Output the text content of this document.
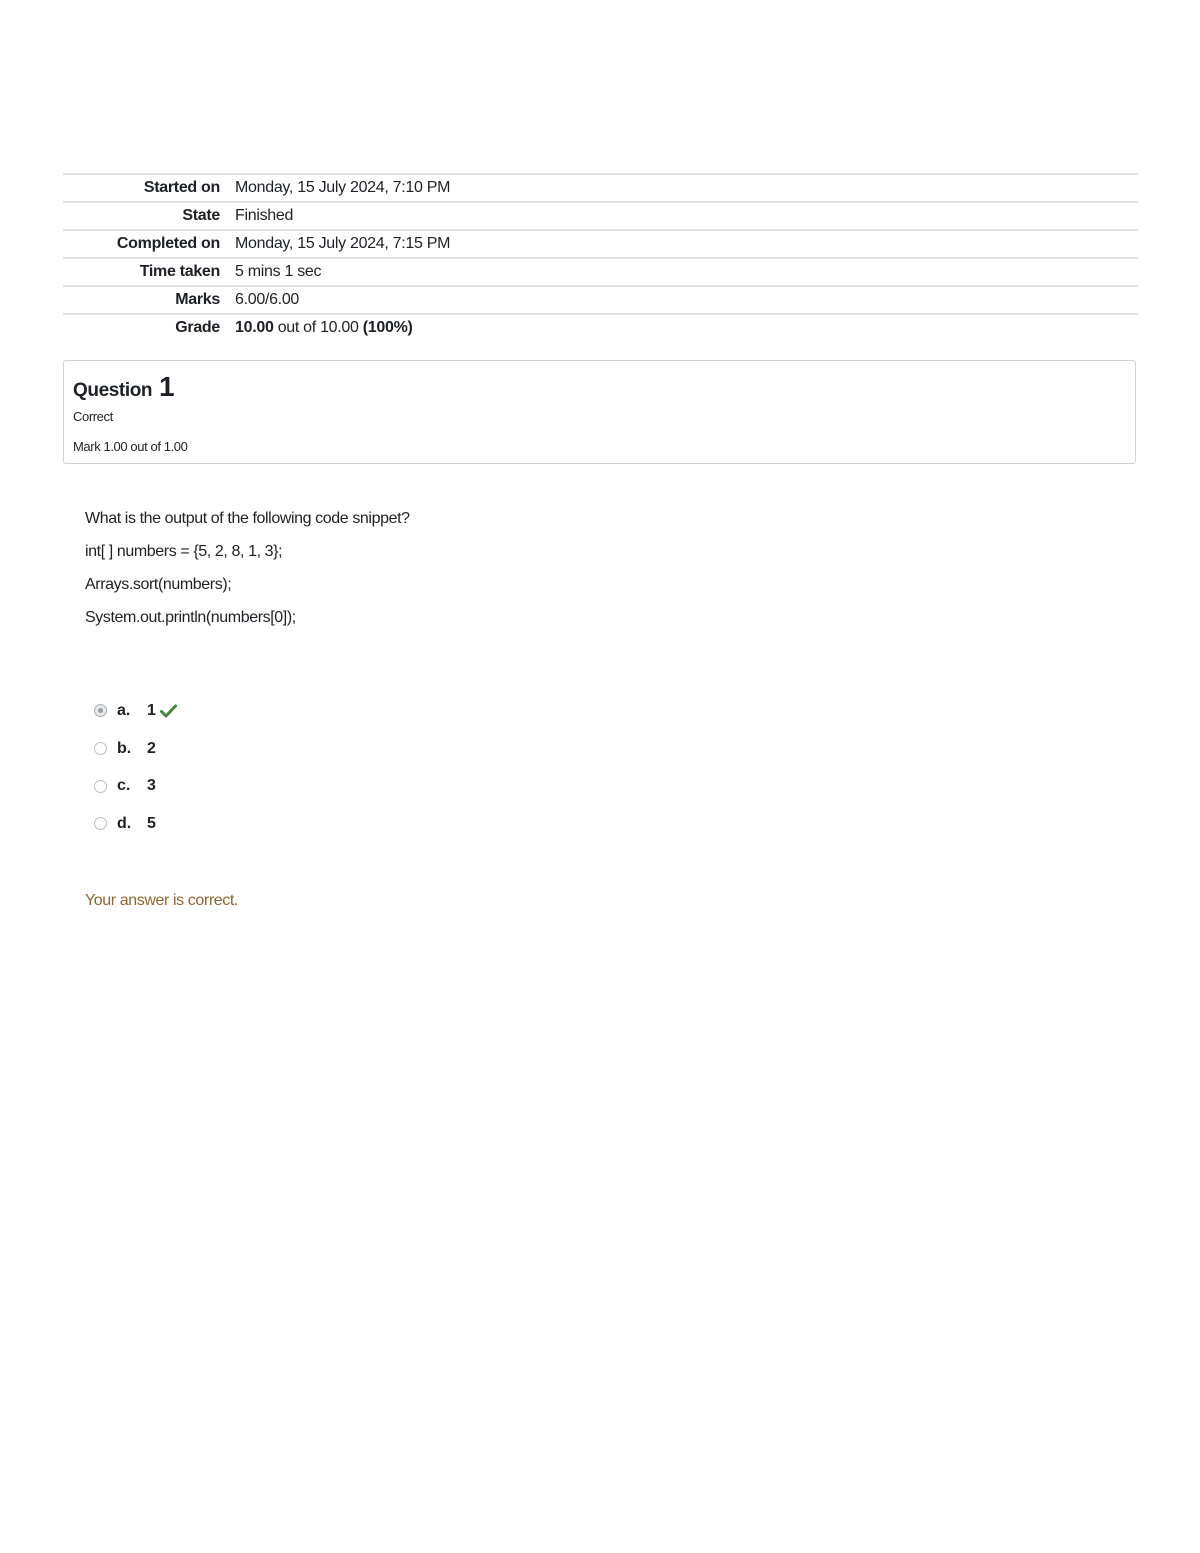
Started on	Monday, 15 July 2024, 7:10 PM
State	Finished
Completed on	Monday, 15 July 2024, 7:15 PM
Time taken	5 mins 1 sec
Marks	6.00/6.00
Grade	10.00 out of 10.00 (100%)
Question 1
Correct
Mark 1.00 out of 1.00

What is the output of the following code snippet?

int[ ] numbers = {5, 2, 8, 1, 3};

Arrays.sort(numbers);

System.out.println(numbers[0]);

a.	1
b. 2
c.	3
d. 5
Your answer is correct.
